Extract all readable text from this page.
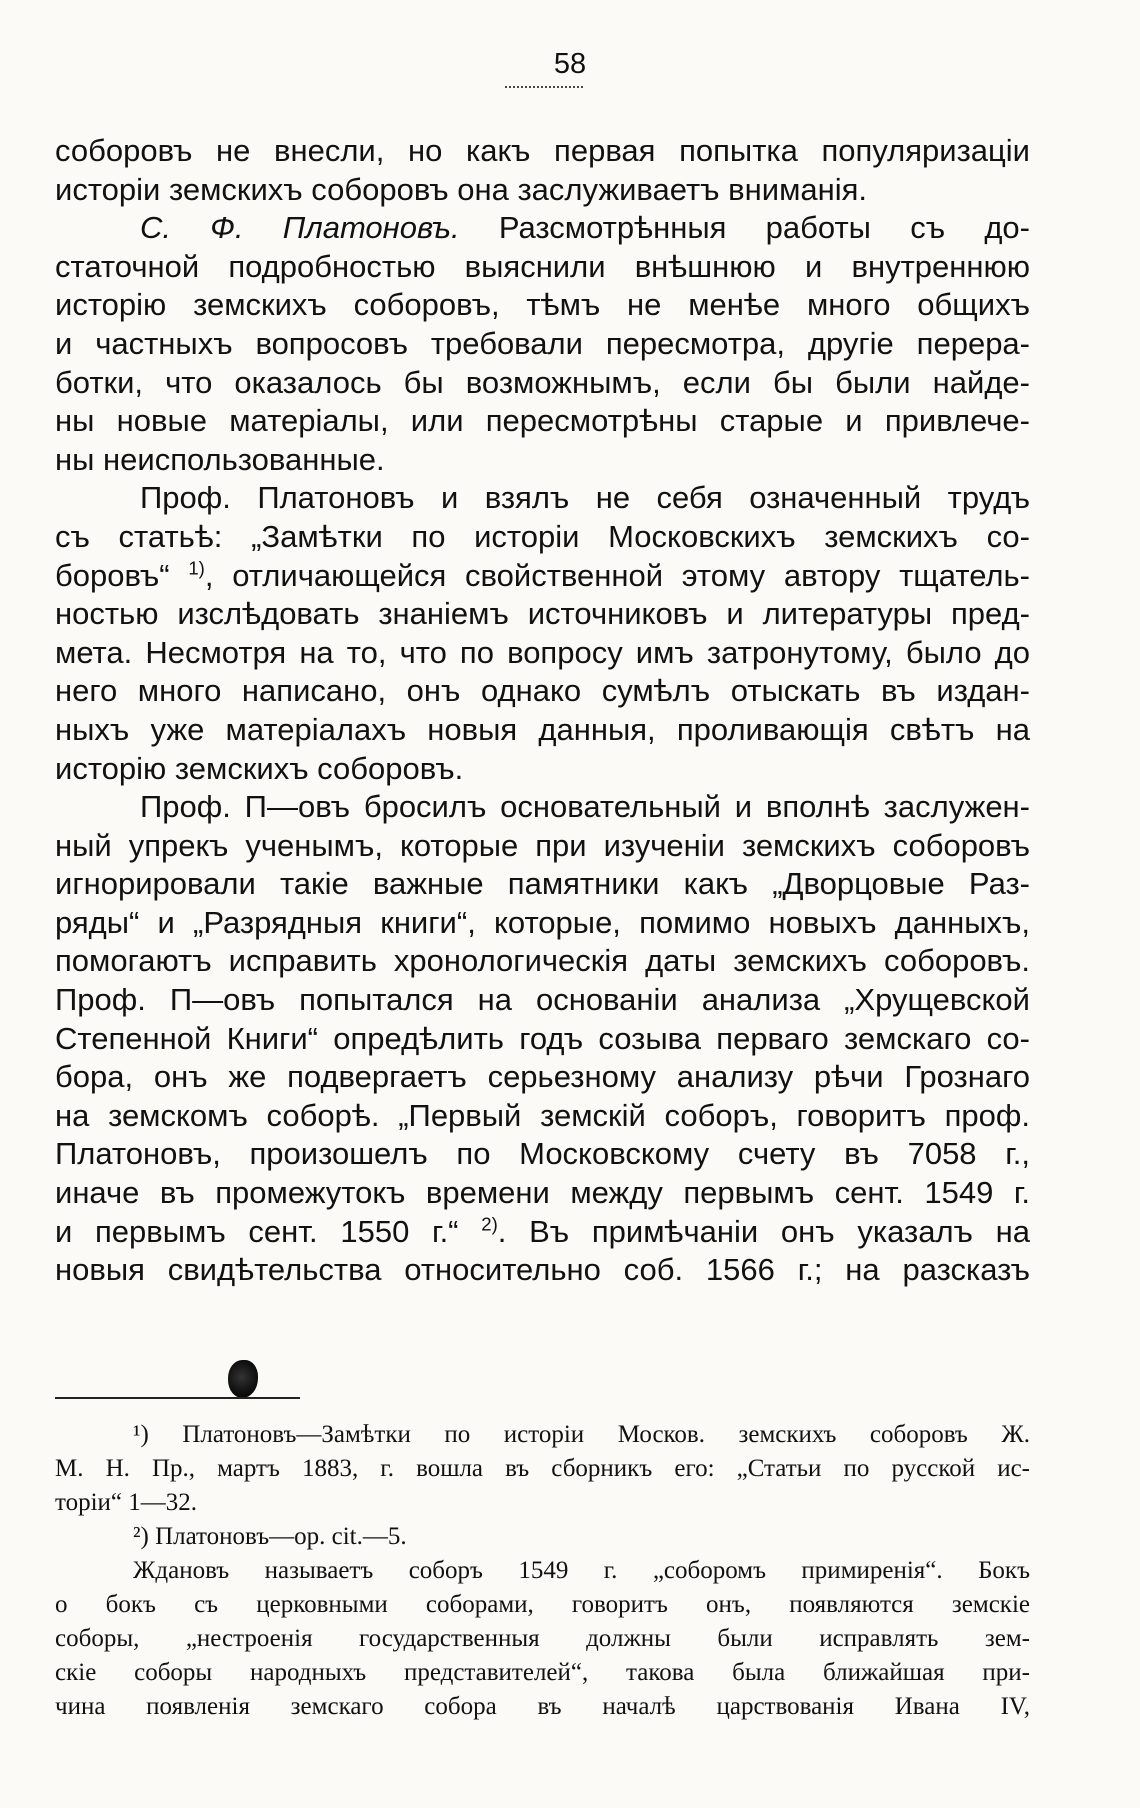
58
соборовъ не внесли, но какъ первая попытка популяризаціи
исторіи земскихъ соборовъ она заслуживаетъ вниманія.
С. Ф. Платоновъ. Разсмотрѣнныя работы съ до-
статочной подробностью выяснили внѣшнюю и внутреннюю
исторію земскихъ соборовъ, тѣмъ не менѣе много общихъ
и частныхъ вопросовъ требовали пересмотра, другіе перера-
ботки, что оказалось бы возможнымъ, если бы были найде-
ны новые матеріалы, или пересмотрѣны старые и привлече-
ны неиспользованные.
Проф. Платоновъ и взялъ не себя означенный трудъ
съ статьѣ: „Замѣтки по исторіи Московскихъ земскихъ со-
боровъ“ $^{1)}$, отличающейся свойственной этому автору тщатель-
ностью изслѣдовать знаніемъ источниковъ и литературы пред-
мета. Несмотря на то, что по вопросу имъ затронутому, было до
него много написано, онъ однако сумѣлъ отыскать въ издан-
ныхъ уже матеріалахъ новыя данныя, проливающія свѣтъ на
исторію земскихъ соборовъ.
Проф. П—овъ бросилъ основательный и вполнѣ заслужен-
ный упрекъ ученымъ, которые при изученіи земскихъ соборовъ
игнорировали такіе важные памятники какъ „Дворцовые Раз-
ряды“ и „Разрядныя книги“, которые, помимо новыхъ данныхъ,
помогаютъ исправить хронологическія даты земскихъ соборовъ.
Проф. П—овъ попытался на основаніи анализа „Хрущевской
Степенной Книги“ опредѣлить годъ созыва перваго земскаго со-
бора, онъ же подвергаетъ серьезному анализу рѣчи Грознаго
на земскомъ соборѣ. „Первый земскій соборъ, говоритъ проф.
Платоновъ, произошелъ по Московскому счету въ 7058 г.,
иначе въ промежутокъ времени между первымъ сент. 1549 г.
и первымъ сент. 1550 г.“ $^{2)}$. Въ примѣчаніи онъ указалъ на
новыя свидѣтельства относительно соб. 1566 г.; на разсказъ
¹) Платоновъ—Замѣтки по исторіи Москов. земскихъ соборовъ Ж.
М. Н. Пр., мартъ 1883, г. вошла въ сборникъ его: „Статьи по русской ис-
торіи“ 1—32.
²) Платоновъ—op. cit.—5.
Ждановъ называетъ соборъ 1549 г. „соборомъ примиренія“. Бокъ
о бокъ съ церковными соборами, говоритъ онъ, появляются земскіе
соборы, „нестроенія государственныя должны были исправлять зем-
скіе соборы народныхъ представителей“, такова была ближайшая при-
чина появленія земскаго собора въ началѣ царствованія Ивана IV,
